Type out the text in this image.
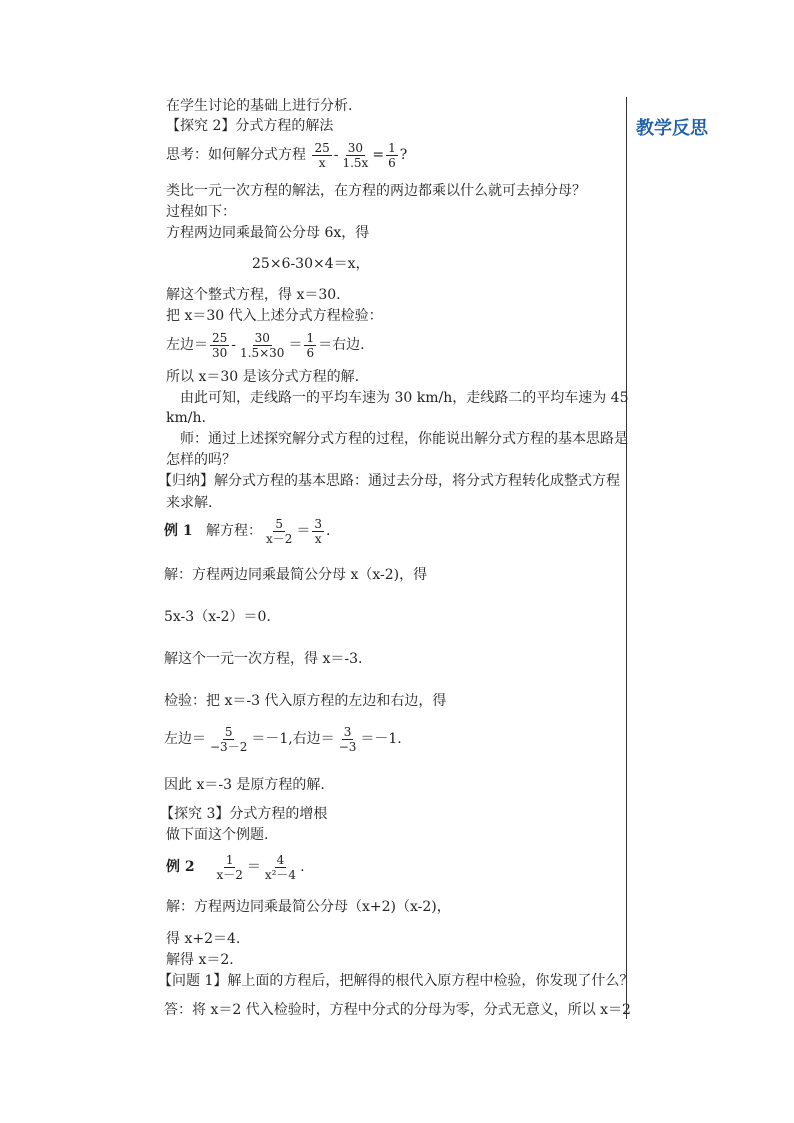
教学反思
在学生讨论的基础上进行分析.
【探究 2】分式方程的解法
思考：如何解分式方程 $\frac{25}{x} - \frac{30}{1.5x} = \frac{1}{6}$ ?
类比一元一次方程的解法，在方程的两边都乘以什么就可去掉分母？
过程如下：
方程两边同乘最简公分母 6x，得
25×6-30×4＝x，
解这个整式方程，得 x＝30.
把 x＝30 代入上述分式方程检验：
左边＝ $\frac{25}{30} - \frac{30}{1.5\times 30} = \frac{1}{6}$ ＝右边.
所以 x＝30 是该分式方程的解.
由此可知，走线路一的平均车速为 30 km/h，走线路二的平均车速为 45
km/h.
师：通过上述探究解分式方程的过程，你能说出解分式方程的基本思路是
怎样的吗？
【归纳】解分式方程的基本思路：通过去分母，将分式方程转化成整式方程
来求解.
例 1 解方程： $\frac{5}{x-2} = \frac{3}{x}$ .
解：方程两边同乘最简公分母 x（x-2)，得
5x-3（x-2）＝0.
解这个一元一次方程，得 x＝-3.
检验：把 x＝-3 代入原方程的左边和右边，得
左边＝ $\frac{5}{-3-2} =-1$,右边＝ $\frac{3}{-3} =-1$.
因此 x＝-3 是原方程的解.
【探究 3】分式方程的增根
做下面这个例题.
例 $2 \frac{1}{x-2} = \frac{4}{\text{x²－4}}$ .
解：方程两边同乘最简公分母（x+2)（x-2)，
得 x+2＝4.
解得 x＝2.
【问题 1】解上面的方程后，把解得的根代入原方程中检验，你发现了什么？
答：将 x＝2 代入检验时，方程中分式的分母为零，分式无意义，所以 x＝2
